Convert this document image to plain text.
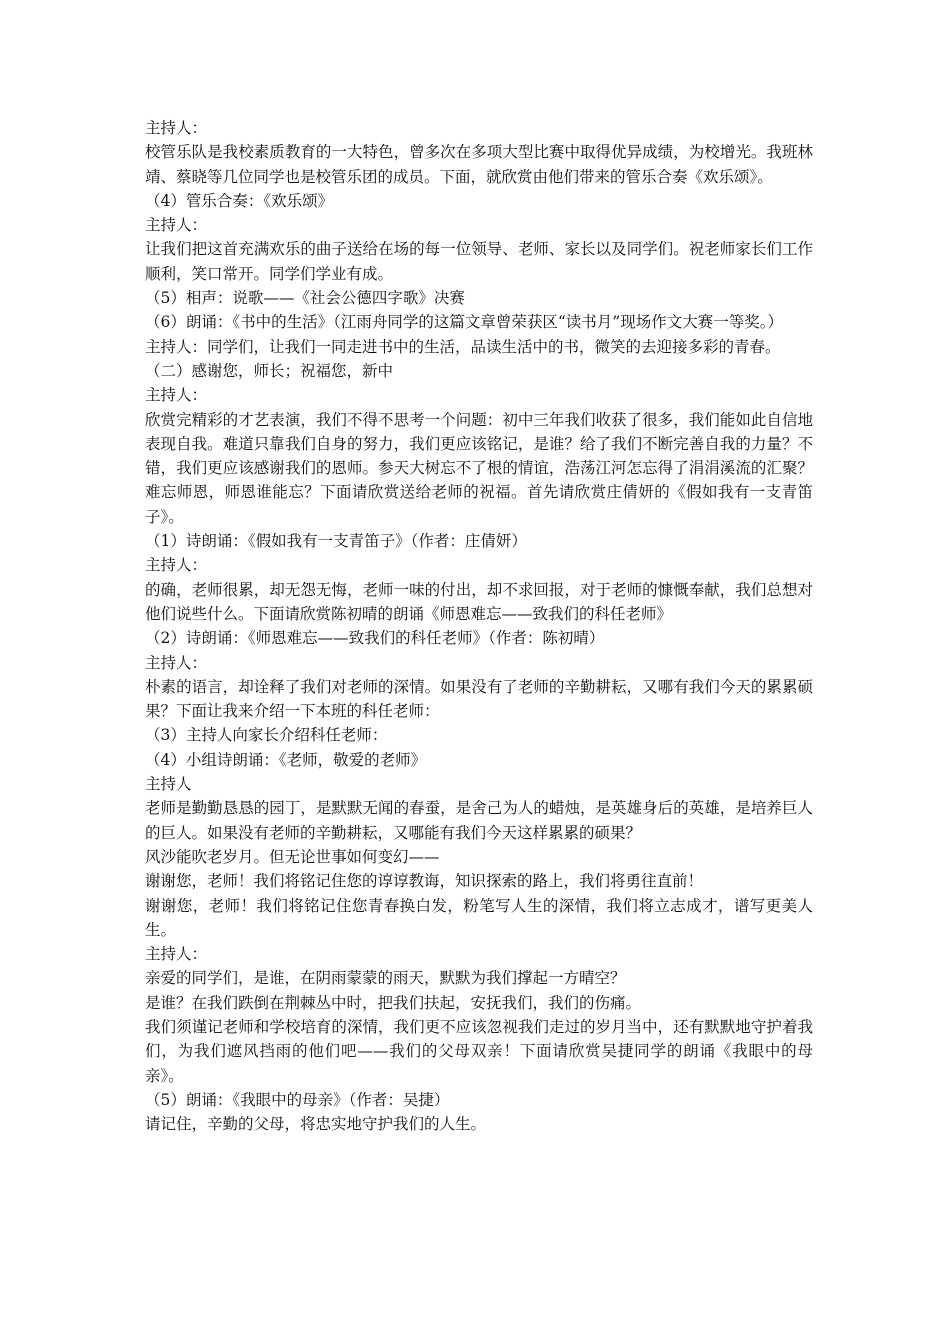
主持人：

校管乐队是我校素质教育的一大特色，曾多次在多项大型比赛中取得优异成绩，为校增光。我班林靖、蔡晓等几位同学也是校管乐团的成员。下面，就欣赏由他们带来的管乐合奏《欢乐颂》。

（4）管乐合奏：《欢乐颂》

主持人：

让我们把这首充满欢乐的曲子送给在场的每一位领导、老师、家长以及同学们。祝老师家长们工作顺利，笑口常开。同学们学业有成。

（5）相声：说歌——《社会公德四字歌》决赛

（6）朗诵：《书中的生活》（江雨舟同学的这篇文章曾荣获区“读书月”现场作文大赛一等奖。）

主持人：同学们，让我们一同走进书中的生活，品读生活中的书，微笑的去迎接多彩的青春。

（二）感谢您，师长；祝福您，新中

主持人：

欣赏完精彩的才艺表演，我们不得不思考一个问题：初中三年我们收获了很多，我们能如此自信地表现自我。难道只靠我们自身的努力，我们更应该铭记，是谁？给了我们不断完善自我的力量？不错，我们更应该感谢我们的恩师。参天大树忘不了根的情谊，浩荡江河怎忘得了涓涓溪流的汇聚？难忘师恩，师恩谁能忘？下面请欣赏送给老师的祝福。首先请欣赏庄倩妍的《假如我有一支青笛子》。

（1）诗朗诵：《假如我有一支青笛子》（作者：庄倩妍）

主持人：

的确，老师很累，却无怨无悔，老师一味的付出，却不求回报，对于老师的慷慨奉献，我们总想对他们说些什么。下面请欣赏陈初晴的朗诵《师恩难忘——致我们的科任老师》

（2）诗朗诵：《师恩难忘——致我们的科任老师》（作者：陈初晴）

主持人：

朴素的语言，却诠释了我们对老师的深情。如果没有了老师的辛勤耕耘，又哪有我们今天的累累硕果？下面让我来介绍一下本班的科任老师：

（3）主持人向家长介绍科任老师：

（4）小组诗朗诵：《老师，敬爱的老师》

主持人

老师是勤勤恳恳的园丁，是默默无闻的春蚕，是舍己为人的蜡烛，是英雄身后的英雄，是培养巨人的巨人。如果没有老师的辛勤耕耘，又哪能有我们今天这样累累的硕果？

风沙能吹老岁月。但无论世事如何变幻——

谢谢您，老师！我们将铭记住您的谆谆教诲，知识探索的路上，我们将勇往直前！

谢谢您，老师！我们将铭记住您青春换白发，粉笔写人生的深情，我们将立志成才，谱写更美人生。

主持人：

亲爱的同学们，是谁，在阴雨蒙蒙的雨天，默默为我们撑起一方晴空？

是谁？在我们跌倒在荆棘丛中时，把我们扶起，安抚我们，我们的伤痛。

我们须谨记老师和学校培育的深情，我们更不应该忽视我们走过的岁月当中，还有默默地守护着我们，为我们遮风挡雨的他们吧——我们的父母双亲！下面请欣赏吴捷同学的朗诵《我眼中的母亲》。

（5）朗诵：《我眼中的母亲》（作者：吴捷）

请记住，辛勤的父母，将忠实地守护我们的人生。
